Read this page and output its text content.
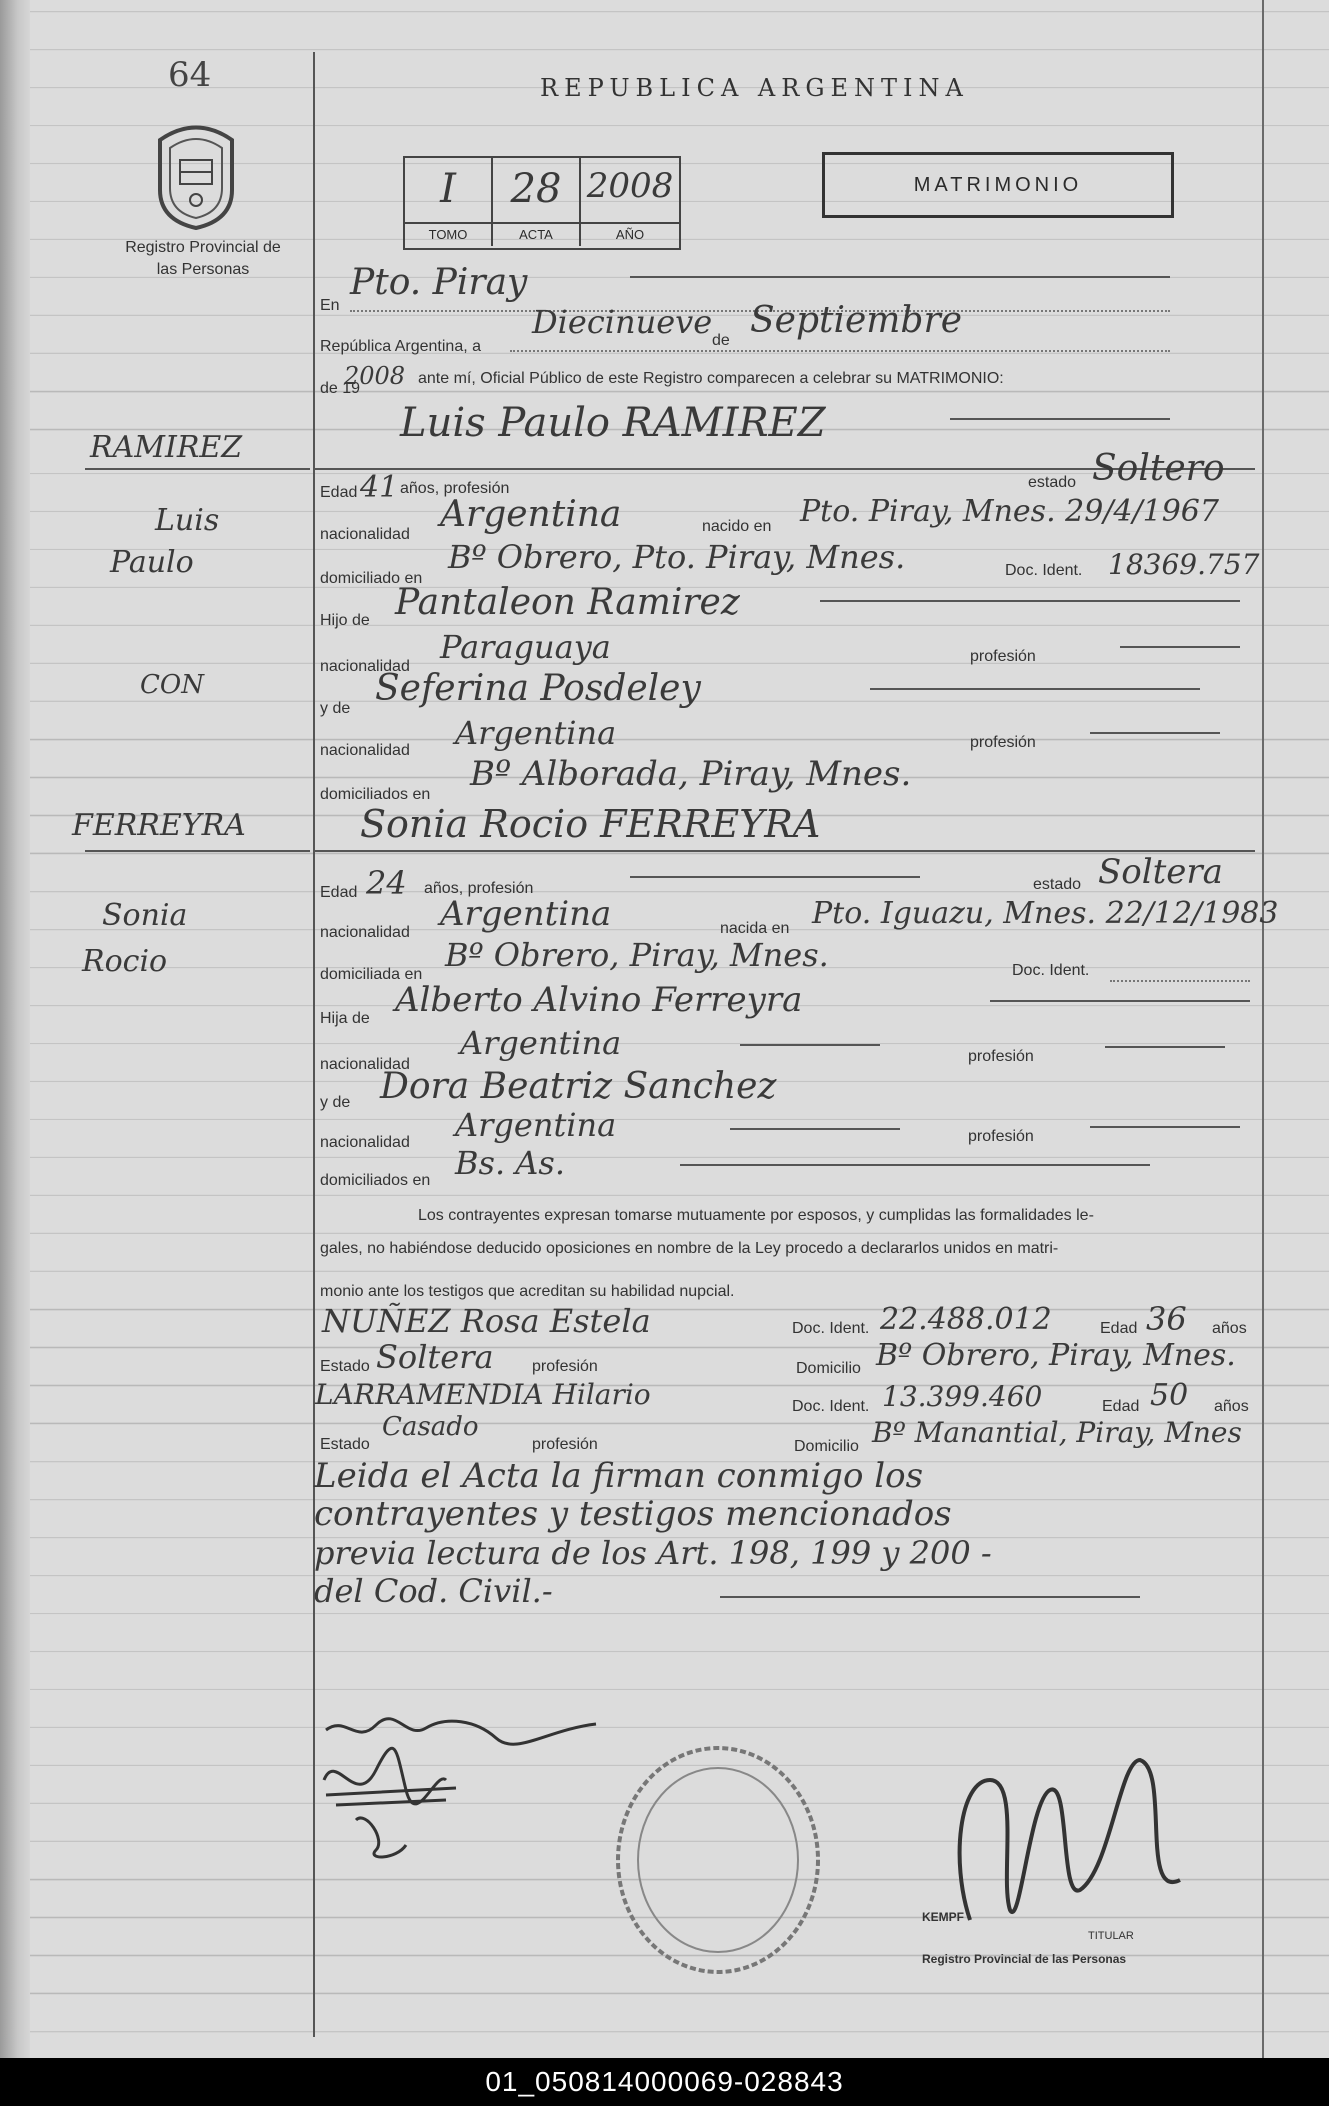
64
Registro Provincial de las Personas
REPUBLICA ARGENTINA
I
TOMO
28
ACTA
2008
AÑO
MATRIMONIO
En
Pto. Piray
República Argentina, a
Diecinueve de Septiembre
de 19
2008 ante mí, Oficial Público de este Registro comparecen a celebrar su MATRIMONIO:
Luis Paulo RAMIREZ
RAMIREZ
Luis
Paulo
Edad 41 años, profesión	estado Soltero
nacionalidad Argentina	nacido en Pto. Piray, Mnes. 29/4/1967
domiciliado en
Bº Obrero, Pto. Piray, Mnes.	Doc. Ident. 18369.757
Hijo de Pantaleon Ramirez
nacionalidad
Paraguaya	profesión
CON
y de Seferina Posdeley
nacionalidad Argentina	profesión
domiciliados en
Bº Alborada, Piray, Mnes.
FERREYRA	Sonia Rocio FERREYRA
Sonia
Rocio
Edad 24 años, profesión	estado Soltera
nacionalidad Argentina	nacida en Pto. Iguazu, Mnes. 22/12/1983
domiciliada en
Bº Obrero, Piray, Mnes.	Doc. Ident.
Hija de Alberto Alvino Ferreyra
nacionalidad
Argentina	profesión
y de Dora Beatriz Sanchez
nacionalidad Argentina	profesión
domiciliados en Bs. As.
Los contrayentes expresan tomarse mutuamente por esposos, y cumplidas las formalidades le-
gales, no habiéndose deducido oposiciones en nombre de la Ley procedo a declararlos unidos en matri-
monio ante los testigos que acreditan su habilidad nupcial.
NUÑEZ Rosa Estela	Doc. Ident. 22.488.012	Edad 36 años
Estado Soltera profesión	Domicilio Bº Obrero, Piray, Mnes.
LARRAMENDIA Hilario	Doc. Ident. 13.399.460	Edad 50 años
Estado
Casado
profesión	Domicilio Bº Manantial, Piray, Mnes
Leida el Acta la firman conmigo los
contrayentes y testigos mencionados
previa lectura de los Art. 198, 199 y 200 -
del Cod. Civil.-
KEMPF
TITULAR
Registro Provincial de las Personas
01_050814000069-028843
